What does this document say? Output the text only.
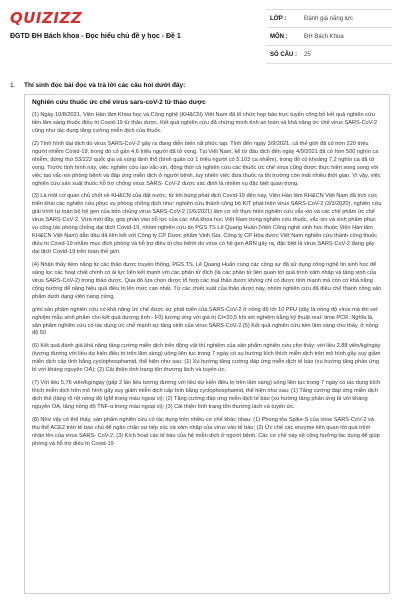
QUIZIZZ
ĐGTD ĐH Bách khoa - Đọc hiểu chủ đề y học - Đề 1
LỚP :	Đánh giá năng lực
MÔN :	ĐH Bách Khoa
SỐ CÂU :	25
1. Thí sinh đọc bài đọc và trả lời các câu hỏi dưới đây:
Nghiên cứu thuốc ức chế virus sars-coV-2 từ thảo dược

(1) Ngày 10/8/2021, Viện Hàn lâm Khoa học và Công nghệ (KH&CN) Việt Nam đã tổ chức họp báo trực tuyến công bố kết quả nghiên cứu tiền lâm sàng thuốc điều trị Covid-19 từ thảo dược. Kết quả nghiên cứu đã chứng minh tính an toàn và khả năng ức chế virus SARS-CoV-2 cũng như tác dụng tăng cường miễn dịch của thuốc.

(2) Tính hình dại dịch do virus SARS-CoV-2 gây ra đang diễn biến rất phức tạp. Tính đến ngày 3/9/2021, cả thế giới đã có hơn 220 triệu người nhiễm Covid-19, trong đó có gần 4,6 triệu người đã tử vong. Tại Việt Nam, kể từ đầu dịch đến ngày 4/9/2021 đã có hơn 500 nghìn ca nhiễm, đứng thứ 53/222 quốc gia và vùng lãnh thổ (bình quân cứ 1 triệu người có 5.103 ca nhiễm), trong đó có khoảng 7,2 nghìn ca đã tử vong. Trước tình hình này, việc nghiên cứu tạo vắc-xin, đồng thời cả nghiên cứu các thuốc ức chế virus cũng được thực hiện song song với việc tạo vắc-xin phòng bệnh và đáp ứng miễn dịch ở người bệnh, tuy nhiên việc đưa thuốc ra thị trường còn mất nhiều thời gian. Vì vậy, việc nghiên cứu sản xuất thuốc hỗ trợ chống virus SARS- CoV-2 được xác định là nhiệm vụ đặc biệt quan trọng.

(3) Là một cơ quan chủ chốt về KH&CN của đất nước, từ khi bùng phát dịch Covid-19 đến nay, Viện Hàn lâm KH&CN Việt Nam đã tích cực triển khai các nghiên cứu phục vụ phòng chống dịch như: nghiên cứu thành công bộ KIT phát hiện virus SARS-CoV-2 (3/3/2020), nghiên cứu giải trình tự toàn bộ hệ gen của bốn chủng virus SARS-CoV-2 (1/6/2021) làm cơ sở thực hiện nghiên cứu vắc-xin và các chế phẩm ức chế virus SARS-CoV-2. Vừa mới đây, góp phần vào nỗ lực của các nhà khoa học Việt Nam trong nghiên cứu thuốc, vắc-xin và sinh phẩm phục vụ công tác phòng chống dại dịch Covid-19, nhóm nghiên cứu do PGS.TS Lê Quang Huấn (Viện Công nghệ sinh học thuộc Viện Hàn lâm KH&CN Việt Nam) dẫn đầu đã liên kết với Công ty CP Dược phẩm Vinh Gia, Công ty CP Hóa dược Việt Nam nghiên cứu thành công thuốc điều trị Covid-19 nhằm mục đích phòng và hỗ trợ điều trị cho bệnh do virus có hệ gen ARN gây ra, đặc biệt là virus SARS-CoV-2 đang gây dại dịch Covid-19 trên toàn thế giới.

(4) Nhận thấy tiềm năng từ các thảo dược truyền thống, PGS.TS. Lê Quang Huấn cùng các cộng sự đã sử dụng công nghệ tin sinh học để sàng lọc các hoạt chất chính có ái lực liên kết mạnh với các phân tử đích (là các phân tử liên quan tới quá trình xâm nhập và tăng sinh của virus SARS-CoV-2) trong thảo dược. Qua đó lựa chọn được tổ hợp các loại thảo dược không chỉ có được tính mạnh mà còn có khả năng cộng hưởng để nâng hiệu quả điều trị lên mức cao nhất. Từ các chiết xuất của thảo dược này, nhóm nghiên cứu đã điều chế thành công sản phẩm dưới dạng viên nang cứng.

g/ml sản phẩm nghiên cứu có khả năng ức chế được sự phát triển của SARS-CoV-2 ở nồng độ tới 10 PFU (dây là nồng độ virus mà khi set nghiệm mẫu sinh phẩm cho kết quả dương tính - F0) tương ứng với giá trị Ct=20,5 khi xét nghiệm bằng kỹ thuật real- time PCR. Nghĩa là, sản phẩm nghiên cứu có tác dụng ức chế mạnh sự tăng sinh của virus SARS-CoV-2.(5) Kết quả nghiên cứu tiền lâm sàng cho thấy, ở nồng độ 50

(6) Kết quả đánh giá khả năng tăng cường miễn dịch trên động vật thí nghiệm của sản phẩm nghiên cứu cho thấy: với liều 2,88 viên/kg/ngày (tương đương với liều dự kiến điều trị trên lâm sàng) uống liên tục trong 7 ngày có xu hướng kích thích miễn dịch trên mô hình gây suy giảm miễn dịch cấp tính bằng cyclophosphamid, thể hiện như sau: (1) Xu hướng tăng cường đáp ứng miễn dịch tế bào (xu hướng tăng phản ứng bì với kháng nguyên OA); (2) Cải thiện tình trạng tổn thương lách và tuyến ức.

(7) Với liều 5,76 viên/kg/ngày (gấp 2 lần liều tương đương với liều dự kiến điều trị trên lâm sàng) uống liên tục trong 7 ngày có tác dụng kích thích miễn dịch trên mô hình gây suy giảm miễn dịch cấp tính bằng cyclophosphamid, thể hiện như sau: (1) Tăng cường đáp ứng miễn dịch dịch thể (tăng rõ rệt nồng độ IgM trong máu ngoại vi); (2) Tăng cường đáp ứng miễn dịch tế bào (xu hướng tăng phản ứng bì với kháng nguyên OA, tăng nồng độ TNF-α trong máu ngoại vi); (3) Cải thiện tình trạng tổn thương lách và tuyến ức.

(8) Như vậy có thể thấy, sản phẩm nghiên cứu có tác dụng trên nhiều cơ chế khác nhau: (1) Phong tỏa Spike-S của virus SARS-CoV-2 và thụ thể ACE2 trên tế bào chủ để ngăn chặn sự tiếp xúc và xâm nhập của virus vào tế bào; (2) Ức chế các enzyme liên quan tới quá trình nhân lên của virus SARS- CoV-2; (3) Kích hoạt các tế bào của hệ miễn dịch ở người bệnh. Các cơ chế này sẽ cộng hưởng tác dụng để giúp phòng và hỗ trợ điều trị Covid-19
